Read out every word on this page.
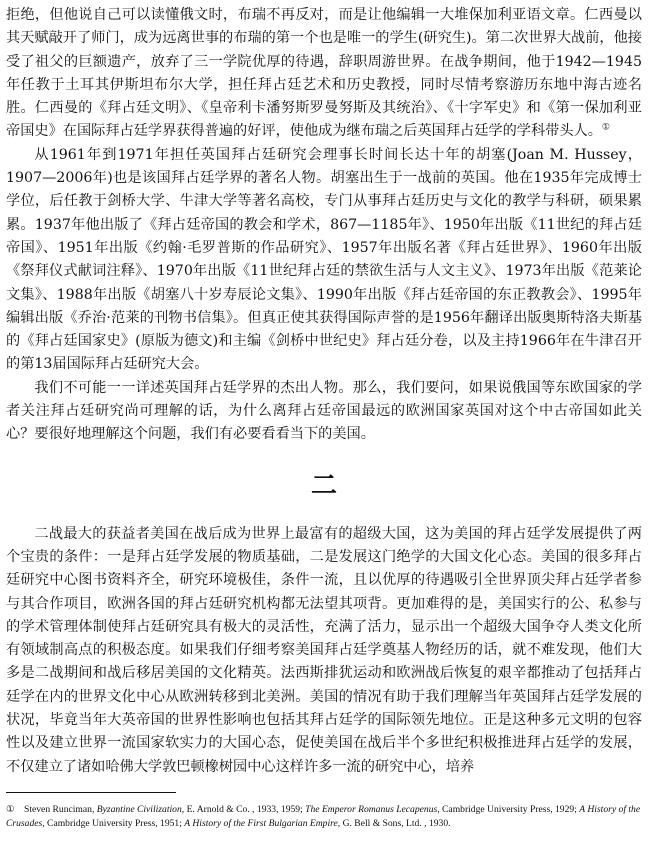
拒绝，但他说自己可以读懂俄文时，布瑞不再反对，而是让他编辑一大堆保加利亚语文章。仁西曼以其天赋敲开了师门，成为远离世事的布瑞的第一个也是唯一的学生(研究生)。第二次世界大战前，他接受了祖父的巨额遗产，放弃了三一学院优厚的待遇，辞职周游世界。在战争期间，他于1942—1945年任教于土耳其伊斯坦布尔大学，担任拜占廷艺术和历史教授，同时尽情考察游历东地中海古迹名胜。仁西曼的《拜占廷文明》、《皇帝利卡潘努斯罗曼努斯及其统治》、《十字军史》和《第一保加利亚帝国史》在国际拜占廷学界获得普遍的好评，使他成为继布瑞之后英国拜占廷学的学科带头人。①

从1961年到1971年担任英国拜占廷研究会理事长时间长达十年的胡塞(Joan M. Hussey，1907—2006年)也是该国拜占廷学界的著名人物。胡塞出生于一战前的英国。他在1935年完成博士学位，后任教于剑桥大学、牛津大学等著名高校，专门从事拜占廷历史与文化的教学与科研，硕果累累。1937年他出版了《拜占廷帝国的教会和学术，867—1185年》、1950年出版《11世纪的拜占廷帝国》、1951年出版《约翰·毛罗普斯的作品研究》、1957年出版名著《拜占廷世界》、1960年出版《祭拜仪式献词注释》、1970年出版《11世纪拜占廷的禁欲生活与人文主义》、1973年出版《范莱论文集》、1988年出版《胡塞八十岁寿辰论文集》、1990年出版《拜占廷帝国的东正教教会》、1995年编辑出版《乔治·范莱的刊物书信集》。但真正使其获得国际声誉的是1956年翻译出版奥斯特洛夫斯基的《拜占廷国家史》(原版为德文)和主编《剑桥中世纪史》拜占廷分卷，以及主持1966年在牛津召开的第13届国际拜占廷研究大会。

我们不可能一一详述英国拜占廷学界的杰出人物。那么，我们要问，如果说俄国等东欧国家的学者关注拜占廷研究尚可理解的话，为什么离拜占廷帝国最远的欧洲国家英国对这个中古帝国如此关心？要很好地理解这个问题，我们有必要看看当下的美国。

二

二战最大的获益者美国在战后成为世界上最富有的超级大国，这为美国的拜占廷学发展提供了两个宝贵的条件：一是拜占廷学发展的物质基础，二是发展这门绝学的大国文化心态。美国的很多拜占廷研究中心图书资料齐全，研究环境极佳，条件一流，且以优厚的待遇吸引全世界顶尖拜占廷学者参与其合作项目，欧洲各国的拜占廷研究机构都无法望其项背。更加难得的是，美国实行的公、私参与的学术管理体制使拜占廷研究具有极大的灵活性，充满了活力，显示出一个超级大国争夺人类文化所有领域制高点的积极态度。如果我们仔细考察美国拜占廷学奠基人物经历的话，就不难发现，他们大多是二战期间和战后移居美国的文化精英。法西斯排犹运动和欧洲战后恢复的艰辛都推动了包括拜占廷学在内的世界文化中心从欧洲转移到北美洲。美国的情况有助于我们理解当年英国拜占廷学发展的状况，毕竟当年大英帝国的世界性影响也包括其拜占廷学的国际领先地位。正是这种多元文明的包容性以及建立世界一流国家软实力的大国心态，促使美国在战后半个多世纪积极推进拜占廷学的发展，不仅建立了诸如哈佛大学敦巴顿橡树园中心这样许多一流的研究中心，培养

① Steven Runciman, Byzantine Civilization, E. Arnold & Co. , 1933, 1959; The Emperor Romanus Lecapenus, Cambridge University Press, 1929; A History of the Crusades, Cambridge University Press, 1951; A History of the First Bulgarian Empire, G. Bell & Sons, Ltd. , 1930.
